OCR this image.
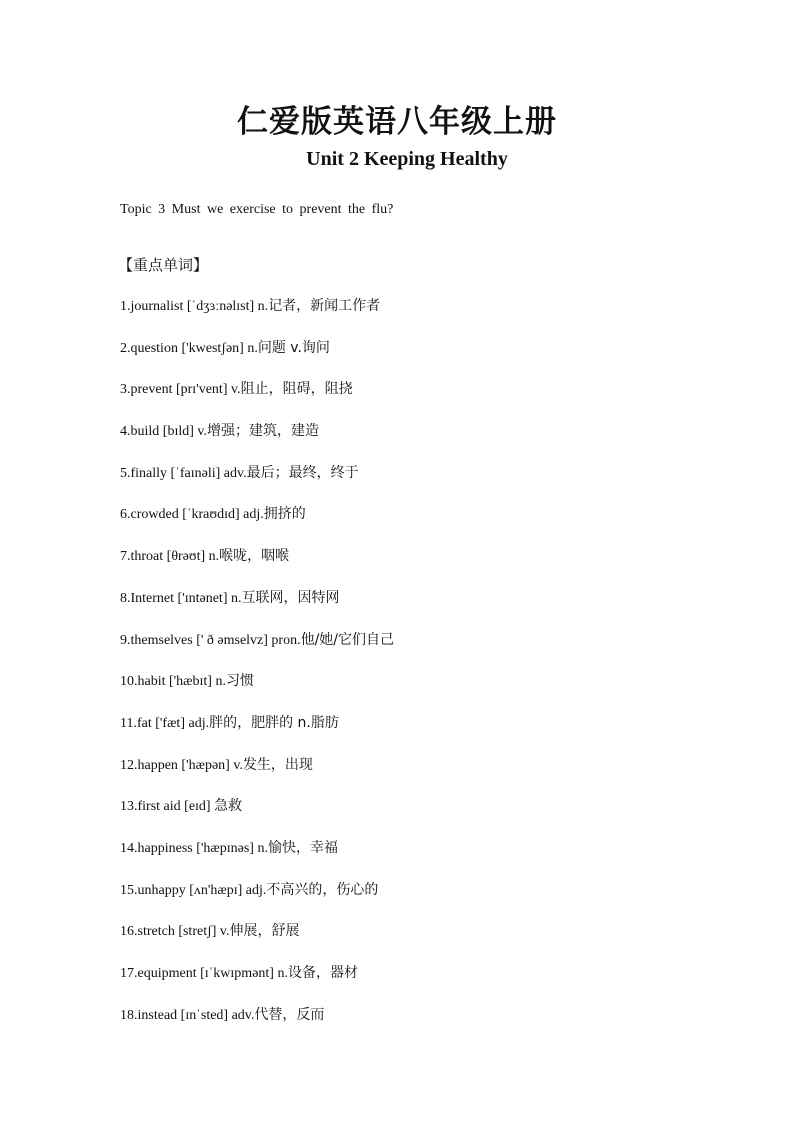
仁爱版英语八年级上册
Unit 2 Keeping Healthy
Topic 3 Must we exercise to prevent the flu?
【重点单词】
1.journalist [ˈdʒɜːnəlɪst] n.记者，新闻工作者
2.question ['kwestʃən] n.问题 v.询问
3.prevent [prɪ'vent] v.阻止，阻碍，阻挠
4.build [bɪld] v.增强；建筑，建造
5.finally [ˈfaɪnəli] adv.最后；最终，终于
6.crowded [ˈkraʊdɪd] adj.拥挤的
7.throat [θrəʊt] n.喉咙，咽喉
8.Internet ['ɪntənet] n.互联网，因特网
9.themselves [' ð əmselvz] pron.他/她/它们自己
10.habit ['hæbɪt] n.习惯
11.fat ['fæt] adj.胖的，肥胖的 n.脂肪
12.happen ['hæpən] v.发生，出现
13.first aid [eɪd] 急救
14.happiness ['hæpɪnəs] n.愉快，幸福
15.unhappy [ʌn'hæpɪ] adj.不高兴的，伤心的
16.stretch [stretʃ] v.伸展，舒展
17.equipment [ɪˈkwɪpmənt] n.设备，器材
18.instead [ɪnˈsted] adv.代替，反而
